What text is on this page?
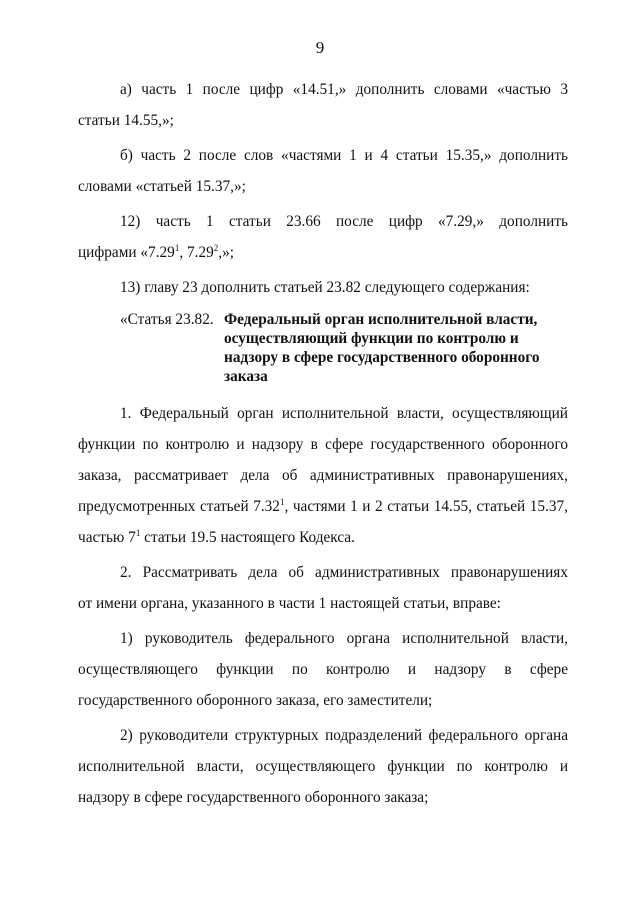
9
а) часть 1 после цифр «14.51,» дополнить словами «частью 3
статьи 14.55,»;
б) часть 2 после слов «частями 1 и 4 статьи 15.35,» дополнить
словами «статьей 15.37,»;
12) часть 1 статьи 23.66 после цифр «7.29,» дополнить
цифрами «7.29$^1$, 7.29$^2$,»;
13) главу 23 дополнить статьей 23.82 следующего содержания:
«Статья 23.82. Федеральный орган исполнительной власти, осуществляющий функции по контролю и надзору в сфере государственного оборонного заказа
1. Федеральный орган исполнительной власти, осуществляющий
функции по контролю и надзору в сфере государственного оборонного
заказа, рассматривает дела об административных правонарушениях,
предусмотренных статьей 7.32$^1$, частями 1 и 2 статьи 14.55, статьей 15.37,
частью $7^1$ статьи 19.5 настоящего Кодекса.
2. Рассматривать дела об административных правонарушениях
от имени органа, указанного в части 1 настоящей статьи, вправе:
1) руководитель федерального органа исполнительной власти,
осуществляющего функции по контролю и надзору в сфере
государственного оборонного заказа, его заместители;
2) руководители структурных подразделений федерального органа
исполнительной власти, осуществляющего функции по контролю и
надзору в сфере государственного оборонного заказа;
